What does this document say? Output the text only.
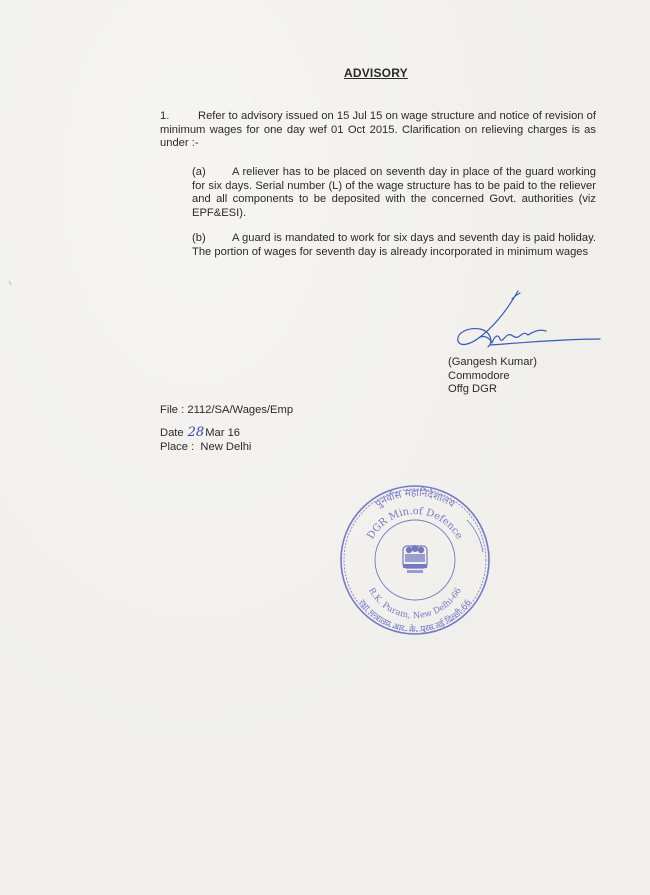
ADVISORY
1.	Refer to advisory issued on 15 Jul 15 on wage structure and notice of revision of minimum wages for one day wef 01 Oct 2015. Clarification on relieving charges is as under :-
(a) A reliever has to be placed on seventh day in place of the guard working for six days. Serial number (L) of the wage structure has to be paid to the reliever and all components to be deposited with the concerned Govt. authorities (viz EPF&ESI).
(b) A guard is mandated to work for six days and seventh day is paid holiday. The portion of wages for seventh day is already incorporated in minimum wages
(Gangesh Kumar)
Commodore
Offg DGR
File : 2112/SA/Wages/Emp
Date 28Mar 16
Place : New Delhi
पुनर्वास महानिदेशालय
DGR Min.of Defence
R.K. Puram, New Delhi-66
रक्षा मन्त्रालय आर. के. पुरम नई दिल्ली-66
